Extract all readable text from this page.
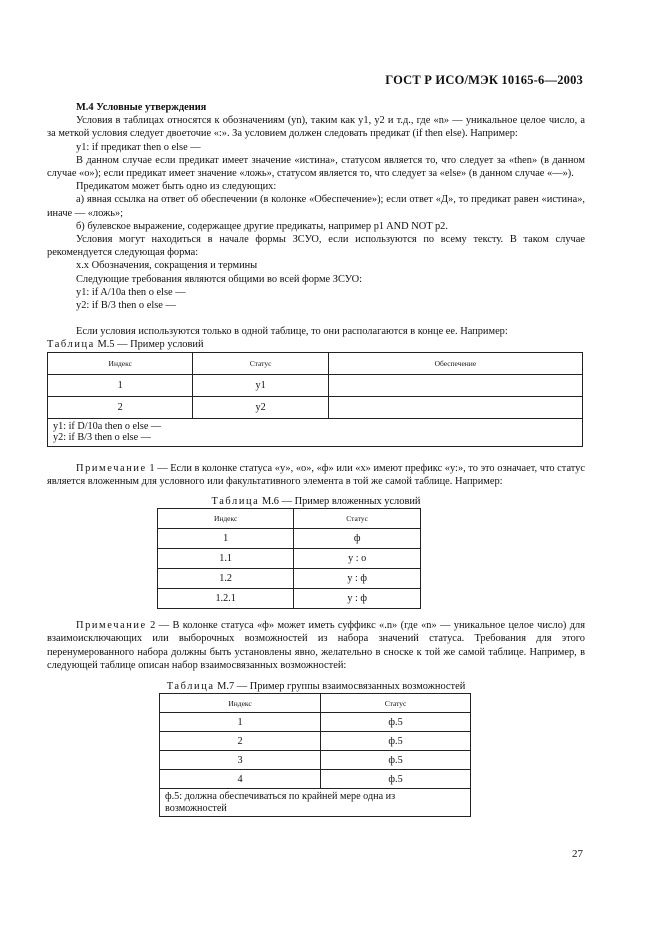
ГОСТ Р ИСО/МЭК 10165-6—2003

М.4 Условные утверждения

Условия в таблицах относятся к обозначениям (уn), таким как у1, у2 и т.д., где «n» — уникальное целое число, а за меткой условия следует двоеточие «:». За условием должен следовать предикат (if then else). Например:

у1: if предикат then о else —

В данном случае если предикат имеет значение «истина», статусом является то, что следует за «then» (в данном случае «о»); если предикат имеет значение «ложь», статусом является то, что следует за «else» (в данном случае «—»).

Предикатом может быть одно из следующих:

а) явная ссылка на ответ об обеспечении (в колонке «Обеспечение»); если ответ «Д», то предикат равен «истина», иначе — «ложь»;

б) булевское выражение, содержащее другие предикаты, например p1 AND NOT p2.

Условия могут находиться в начале формы ЗСУО, если используются по всему тексту. В таком случае рекомендуется следующая форма:

х.х Обозначения, сокращения и термины

Следующие требования являются общими во всей форме ЗСУО:

у1: if A/10a then о else —

у2: if B/3 then о else —

Если условия используются только в одной таблице, то они располагаются в конце ее. Например:

Таблица М.5 — Пример условий

Индекс	Статус	Обеспечение
1	у1	
2	у2	

у1: if D/10a then о else —
у2: if B/3 then о else —		

Примечание 1 — Если в колонке статуса «у», «о», «ф» или «х» имеют префикс «у:», то это означает, что статус является вложенным для условного или факультативного элемента в той же самой таблице. Например:

Таблица М.6 — Пример вложенных условий

Индекс	Статус
1	ф
1.1	у : о
1.2	у : ф
1.2.1	у : ф

Примечание 2 — В колонке статуса «ф» может иметь суффикс «.n» (где «n» — уникальное целое число) для взаимоисключающих или выборочных возможностей из набора значений статуса. Требования для этого перенумерованного набора должны быть установлены явно, желательно в сноске к той же самой таблице. Например, в следующей таблице описан набор взаимосвязанных возможностей:

Таблица М.7 — Пример группы взаимосвязанных возможностей

Индекс	Статус
1	ф.5
2	ф.5
3	ф.5
4	ф.5
ф.5: должна обеспечиваться по крайней мере одна из возможностей	
27
